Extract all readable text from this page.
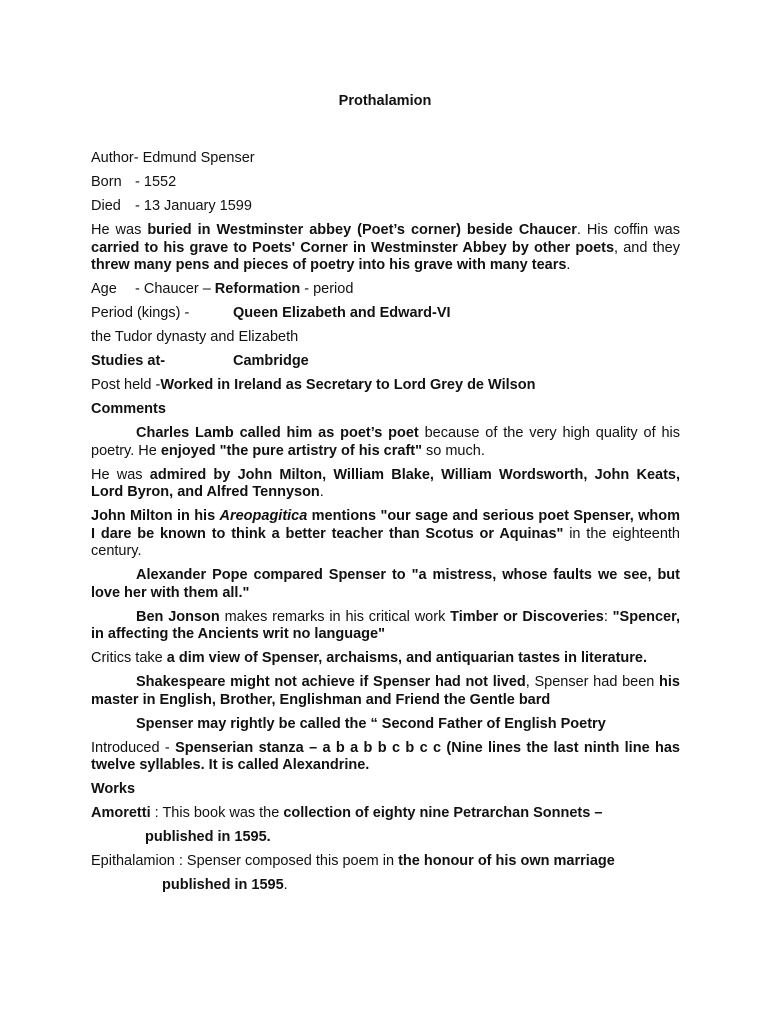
Prothalamion
Author- Edmund Spenser
Born - 1552
Died - 13 January 1599
He was buried in Westminster abbey (Poet’s corner) beside Chaucer. His coffin was carried to his grave to Poets' Corner in Westminster Abbey by other poets, and they threw many pens and pieces of poetry into his grave with many tears.
Age - Chaucer – Reformation - period
Period (kings) -	Queen Elizabeth and Edward-VI
the Tudor dynasty and Elizabeth
Studies at-	Cambridge
Post held -Worked in Ireland as Secretary to Lord Grey de Wilson
Comments
Charles Lamb called him as poet’s poet because of the very high quality of his poetry. He enjoyed "the pure artistry of his craft" so much.
He was admired by John Milton, William Blake, William Wordsworth, John Keats, Lord Byron, and Alfred Tennyson.
John Milton in his Areopagitica mentions "our sage and serious poet Spenser, whom I dare be known to think a better teacher than Scotus or Aquinas" in the eighteenth century.
Alexander Pope compared Spenser to "a mistress, whose faults we see, but love her with them all."
Ben Jonson makes remarks in his critical work Timber or Discoveries: "Spencer, in affecting the Ancients writ no language"
Critics take a dim view of Spenser, archaisms, and antiquarian tastes in literature.
Shakespeare might not achieve if Spenser had not lived, Spenser had been his master in English, Brother, Englishman and Friend the Gentle bard
Spenser may rightly be called the “ Second Father of English Poetry
Introduced - Spenserian stanza – a b a b b c b c c (Nine lines the last ninth line has twelve syllables. It is called Alexandrine.
Works
Amoretti : This book was the collection of eighty nine Petrarchan Sonnets –
published in 1595.
Epithalamion : Spenser composed this poem in the honour of his own marriage
published in 1595.
